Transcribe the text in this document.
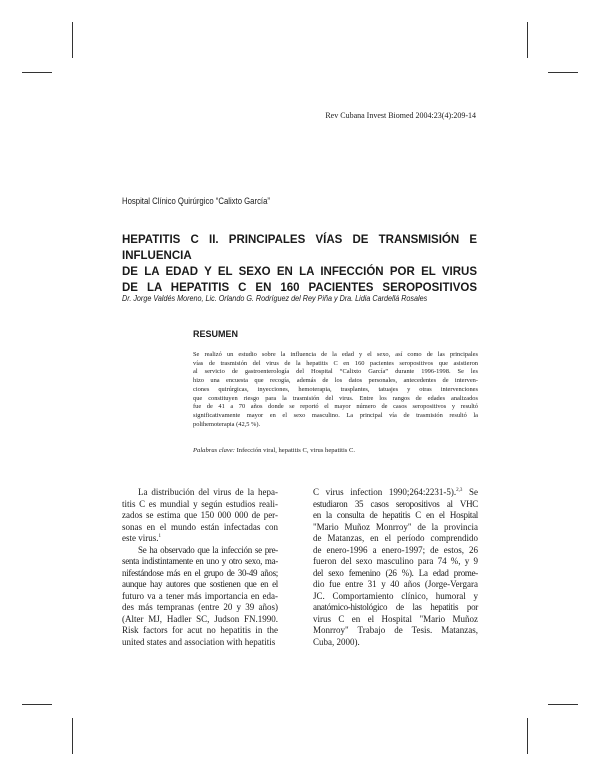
Rev Cubana Invest Biomed 2004:23(4):209-14
Hospital Clínico Quirúrgico “Calixto García”
HEPATITIS C II. PRINCIPALES VÍAS DE TRANSMISIÓN E INFLUENCIA
DE LA EDAD Y EL SEXO EN LA INFECCIÓN POR EL VIRUS
DE LA HEPATITIS C EN 160 PACIENTES SEROPOSITIVOS
Dr. Jorge Valdés Moreno, Lic. Orlando G. Rodríguez del Rey Piña y Dra. Lidia Cardellá Rosales
RESUMEN
Se realizó un estudio sobre la influencia de la edad y el sexo, así como de las principales
vías de trasmisión del virus de la hepatitis C en 160 pacientes seropositivos que asistieron
al servicio de gastroenterología del Hospital “Calixto García” durante 1996-1998. Se les
hizo una encuesta que recogía, además de los datos personales, antecedentes de interven-
ciones quirúrgicas, inyecciones, hemoterapia, trasplantes, tatuajes y otras intervenciones
que constituyen riesgo para la trasmisión del virus. Entre los rangos de edades analizados
fue de 41 a 70 años donde se reportó el mayor número de casos seropositivos y resultó
significativamente mayor en el sexo masculino. La principal vía de trasmisión resultó la
polihemoterapia (42,5 %).
Palabras clave: Infección viral, hepatitis C, virus hepatitis C.
La distribución del virus de la hepa-
titis C es mundial y según estudios reali-
zados se estima que 150 000 000 de per-
sonas en el mundo están infectadas con
este virus.$^1$
Se ha observado que la infección se pre-
senta indistintamente en uno y otro sexo, ma-
nifestándose más en el grupo de 30-49 años;
aunque hay autores que sostienen que en el
futuro va a tener más importancia en eda-
des más tempranas (entre 20 y 39 años)
(Alter MJ, Hadler SC, Judson FN.1990.
Risk factors for acut no hepatitis in the
united states and association with hepatitis
C virus infection 1990;264:2231-5).$^{2,3}$ Se
estudiaron 35 casos seropositivos al VHC
en la consulta de hepatitis C en el Hospital
"Mario Muñoz Monrroy" de la provincia
de Matanzas, en el período comprendido
de enero-1996 a enero-1997; de estos, 26
fueron del sexo masculino para 74 %, y 9
del sexo femenino (26 %). La edad prome-
dio fue entre 31 y 40 años (Jorge-Vergara
JC. Comportamiento clínico, humoral y
anatómico-histológico de las hepatitis por
virus C en el Hospital "Mario Muñoz
Monrroy" Trabajo de Tesis. Matanzas,
Cuba, 2000).
